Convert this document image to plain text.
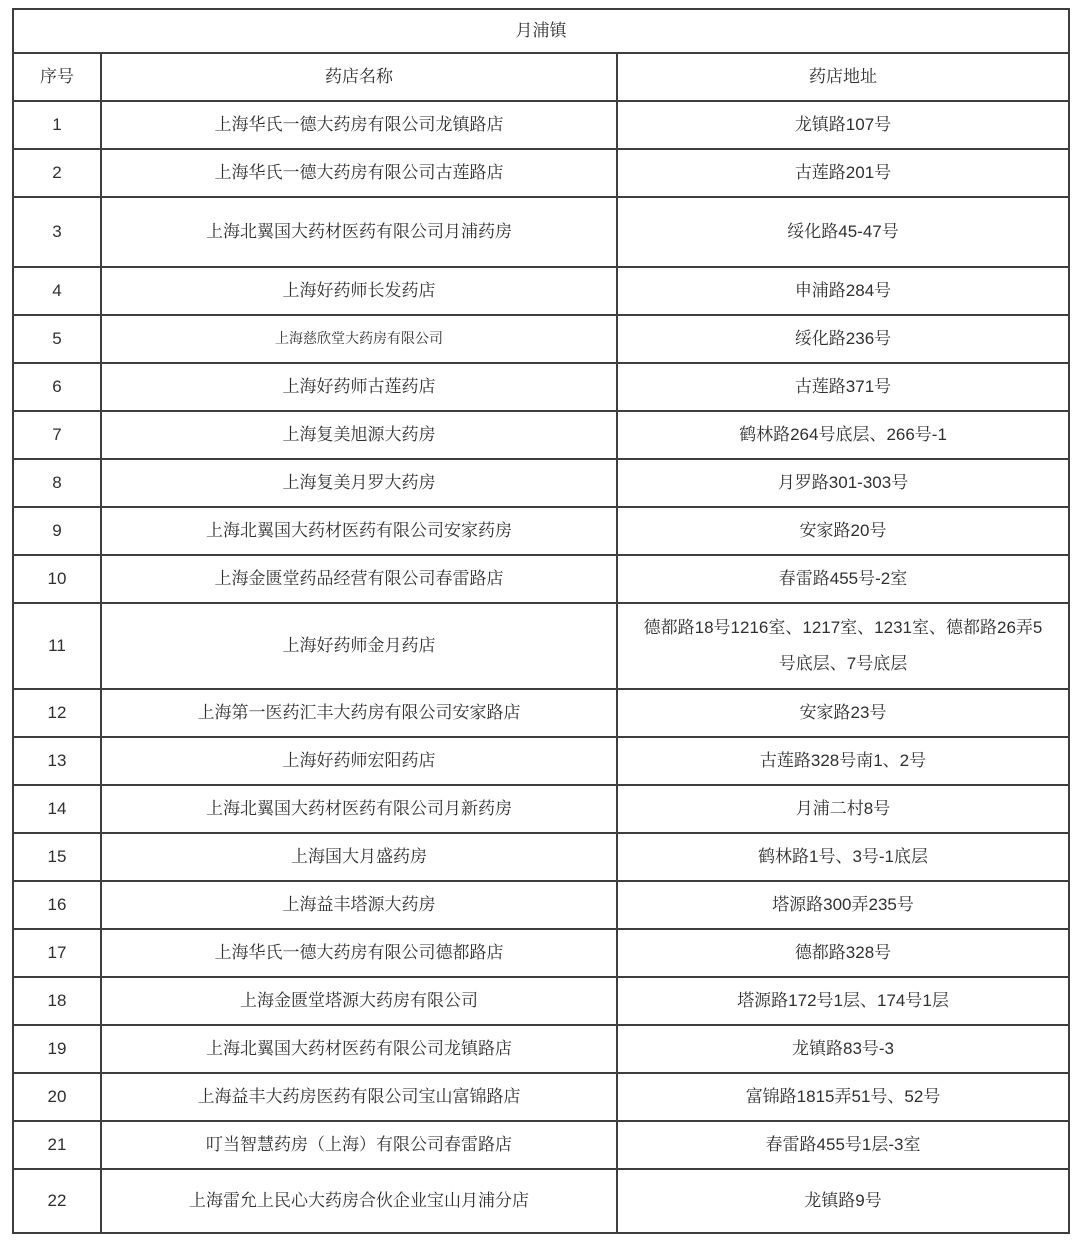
月浦镇		
序号	药店名称	药店地址
1	上海华氏一德大药房有限公司龙镇路店	龙镇路107号
2	上海华氏一德大药房有限公司古莲路店	古莲路201号
3	上海北翼国大药材医药有限公司月浦药房	绥化路45-47号
4	上海好药师长发药店	申浦路284号
5	上海慈欣堂大药房有限公司	绥化路236号
6	上海好药师古莲药店	古莲路371号
7	上海复美旭源大药房	鹤林路264号底层、266号-1
8	上海复美月罗大药房	月罗路301-303号
9	上海北翼国大药材医药有限公司安家药房	安家路20号
10	上海金匮堂药品经营有限公司春雷路店	春雷路455号-2室
11	上海好药师金月药店	德都路18号1216室、1217室、1231室、德都路26弄5号底层、7号底层
12	上海第一医药汇丰大药房有限公司安家路店	安家路23号
13	上海好药师宏阳药店	古莲路328号南1、2号
14	上海北翼国大药材医药有限公司月新药房	月浦二村8号
15	上海国大月盛药房	鹤林路1号、3号-1底层
16	上海益丰塔源大药房	塔源路300弄235号
17	上海华氏一德大药房有限公司德都路店	德都路328号
18	上海金匮堂塔源大药房有限公司	塔源路172号1层、174号1层
19	上海北翼国大药材医药有限公司龙镇路店	龙镇路83号-3
20	上海益丰大药房医药有限公司宝山富锦路店	富锦路1815弄51号、52号
21	叮当智慧药房（上海）有限公司春雷路店	春雷路455号1层-3室
22	上海雷允上民心大药房合伙企业宝山月浦分店	龙镇路9号
